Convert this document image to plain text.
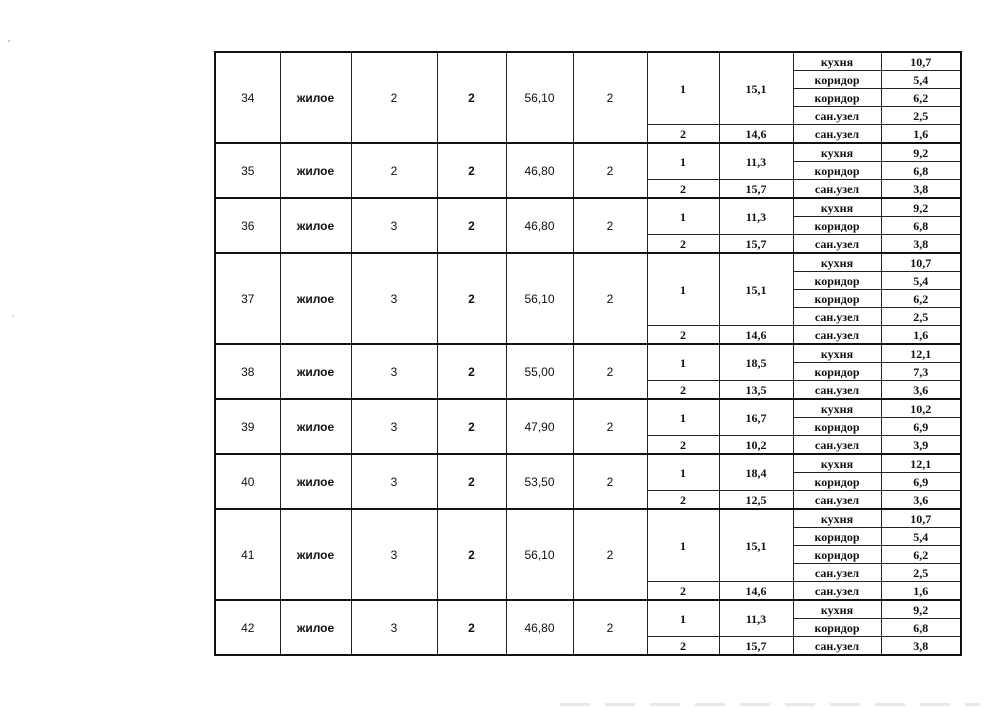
34	жилое	2	2	56,10	2	1	15,1	кухня	10,7
								коридор	5,4
								коридор	6,2
								сан.узел	2,5
						2	14,6	сан.узел	1,6
35	жилое	2	2	46,80	2	1	11,3	кухня	9,2
								коридор	6,8
						2	15,7	сан.узел	3,8
36	жилое	3	2	46,80	2	1	11,3	кухня	9,2
								коридор	6,8
						2	15,7	сан.узел	3,8
37	жилое	3	2	56,10	2	1	15,1	кухня	10,7
								коридор	5,4
								коридор	6,2
								сан.узел	2,5
						2	14,6	сан.узел	1,6
38	жилое	3	2	55,00	2	1	18,5	кухня	12,1
								коридор	7,3
						2	13,5	сан.узел	3,6
39	жилое	3	2	47,90	2	1	16,7	кухня	10,2
								коридор	6,9
						2	10,2	сан.узел	3,9
40	жилое	3	2	53,50	2	1	18,4	кухня	12,1
								коридор	6,9
						2	12,5	сан.узел	3,6
41	жилое	3	2	56,10	2	1	15,1	кухня	10,7
								коридор	5,4
								коридор	6,2
								сан.узел	2,5
						2	14,6	сан.узел	1,6
42	жилое	3	2	46,80	2	1	11,3	кухня	9,2
								коридор	6,8
						2	15,7	сан.узел	3,8
